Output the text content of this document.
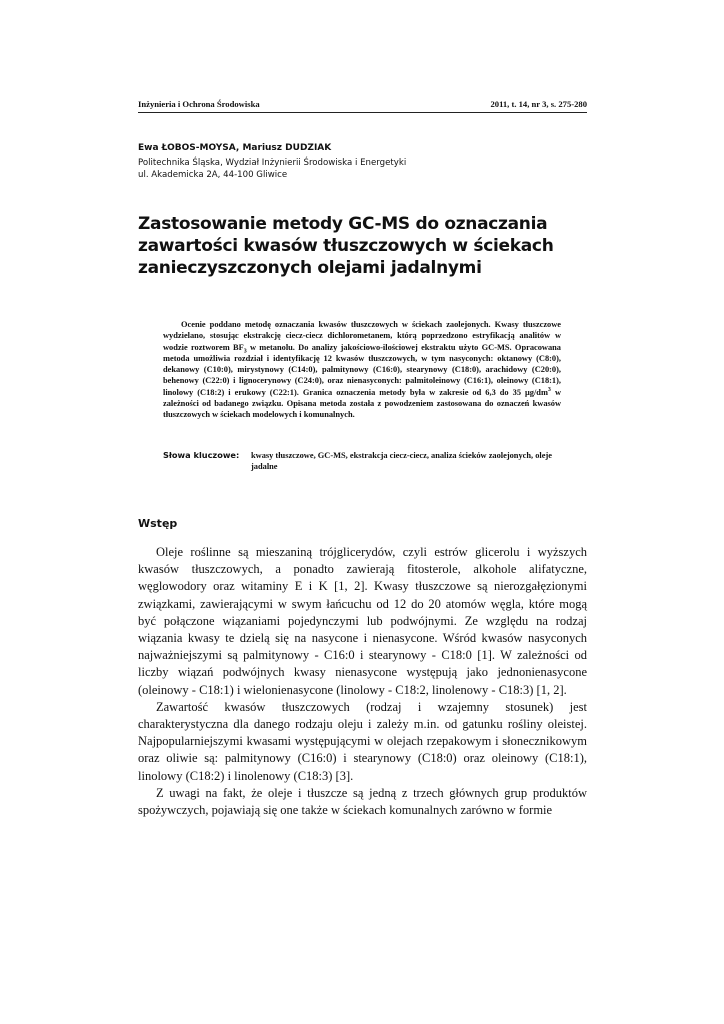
Inżynieria i Ochrona Środowiska	2011, t. 14, nr 3, s. 275-280
Ewa ŁOBOS-MOYSA, Mariusz DUDZIAK
Politechnika Śląska, Wydział Inżynierii Środowiska i Energetyki
ul. Akademicka 2A, 44-100 Gliwice
Zastosowanie metody GC-MS do oznaczania
zawartości kwasów tłuszczowych w ściekach
zanieczyszczonych olejami jadalnymi

Ocenie poddano metodę oznaczania kwasów tłuszczowych w ściekach zaolejonych. Kwasy tłuszczowe wydzielano, stosując ekstrakcję ciecz-ciecz dichlorometanem, którą poprzedzono estryfikacją analitów w wodzie roztworem $BF_3$ w metanolu. Do analizy jakościowo-ilościowej ekstraktu użyto GC-MS. Opracowana metoda umożliwia rozdział i identyfikację 12 kwasów tłuszczowych, w tym nasyconych: oktanowy (C8:0), dekanowy (C10:0), mirystynowy (C14:0), palmitynowy (C16:0), stearynowy (C18:0), arachidowy (C20:0), behenowy (C22:0) i lignocerynowy (C24:0), oraz nienasyconych: palmitoleinowy (C16:1), oleinowy (C18:1), linolowy (C18:2) i erukowy (C22:1). Granica oznaczenia metody była w zakresie od 6,3 do 35 $\mu g/dm^3$ w zależności od badanego związku. Opisana metoda została z powodzeniem zastosowana do oznaczeń kwasów tłuszczowych w ściekach modelowych i komunalnych.

Słowa kluczowe: kwasy tłuszczowe, GC-MS, ekstrakcja ciecz-ciecz, analiza ścieków zaolejonych, oleje jadalne

Wstęp

Oleje roślinne są mieszaniną trójglicerydów, czyli estrów glicerolu i wyższych kwasów tłuszczowych, a ponadto zawierają fitosterole, alkohole alifatyczne, węglowodory oraz witaminy E i K [1, 2]. Kwasy tłuszczowe są nierozgałęzionymi związkami, zawierającymi w swym łańcuchu od 12 do 20 atomów węgla, które mogą być połączone wiązaniami pojedynczymi lub podwójnymi. Ze względu na rodzaj wiązania kwasy te dzielą się na nasycone i nienasycone. Wśród kwasów nasyconych najważniejszymi są palmitynowy - C16:0 i stearynowy - C18:0 [1]. W zależności od liczby wiązań podwójnych kwasy nienasycone występują jako jednonienasycone (oleinowy - C18:1) i wielonienasycone (linolowy - C18:2, linolenowy - C18:3) [1, 2].

Zawartość kwasów tłuszczowych (rodzaj i wzajemny stosunek) jest charakterystyczna dla danego rodzaju oleju i zależy m.in. od gatunku rośliny oleistej. Najpopularniejszymi kwasami występującymi w olejach rzepakowym i słonecznikowym oraz oliwie są: palmitynowy (C16:0) i stearynowy (C18:0) oraz oleinowy (C18:1), linolowy (C18:2) i linolenowy (C18:3) [3].

Z uwagi na fakt, że oleje i tłuszcze są jedną z trzech głównych grup produktów spożywczych, pojawiają się one także w ściekach komunalnych zarówno w formie
